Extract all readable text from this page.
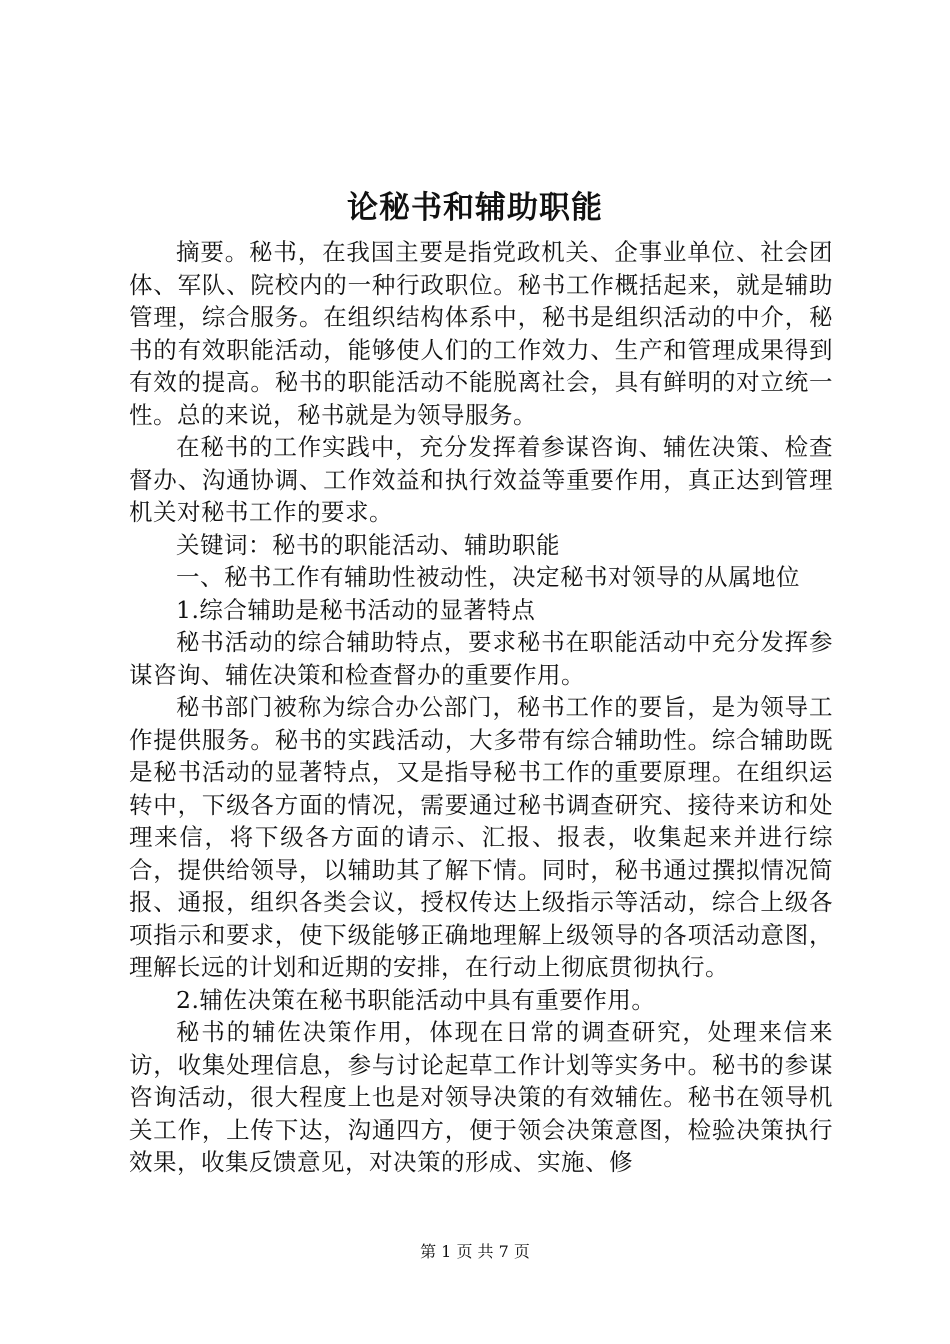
论秘书和辅助职能

摘要。秘书，在我国主要是指党政机关、企事业单位、社会团体、军队、院校内的一种行政职位。秘书工作概括起来，就是辅助管理，综合服务。在组织结构体系中，秘书是组织活动的中介，秘书的有效职能活动，能够使人们的工作效力、生产和管理成果得到有效的提高。秘书的职能活动不能脱离社会，具有鲜明的对立统一性。总的来说，秘书就是为领导服务。

在秘书的工作实践中，充分发挥着参谋咨询、辅佐决策、检查督办、沟通协调、工作效益和执行效益等重要作用，真正达到管理机关对秘书工作的要求。

关键词：秘书的职能活动、辅助职能

一、秘书工作有辅助性被动性，决定秘书对领导的从属地位

1.综合辅助是秘书活动的显著特点

秘书活动的综合辅助特点，要求秘书在职能活动中充分发挥参谋咨询、辅佐决策和检查督办的重要作用。

秘书部门被称为综合办公部门，秘书工作的要旨，是为领导工作提供服务。秘书的实践活动，大多带有综合辅助性。综合辅助既是秘书活动的显著特点，又是指导秘书工作的重要原理。在组织运转中，下级各方面的情况，需要通过秘书调查研究、接待来访和处理来信，将下级各方面的请示、汇报、报表，收集起来并进行综合，提供给领导，以辅助其了解下情。同时，秘书通过撰拟情况简报、通报，组织各类会议，授权传达上级指示等活动，综合上级各项指示和要求，使下级能够正确地理解上级领导的各项活动意图，理解长远的计划和近期的安排，在行动上彻底贯彻执行。

2.辅佐决策在秘书职能活动中具有重要作用。

秘书的辅佐决策作用，体现在日常的调查研究，处理来信来访，收集处理信息，参与讨论起草工作计划等实务中。秘书的参谋咨询活动，很大程度上也是对领导决策的有效辅佐。秘书在领导机关工作，上传下达，沟通四方，便于领会决策意图，检验决策执行效果，收集反馈意见，对决策的形成、实施、修

第 1 页 共 7 页
